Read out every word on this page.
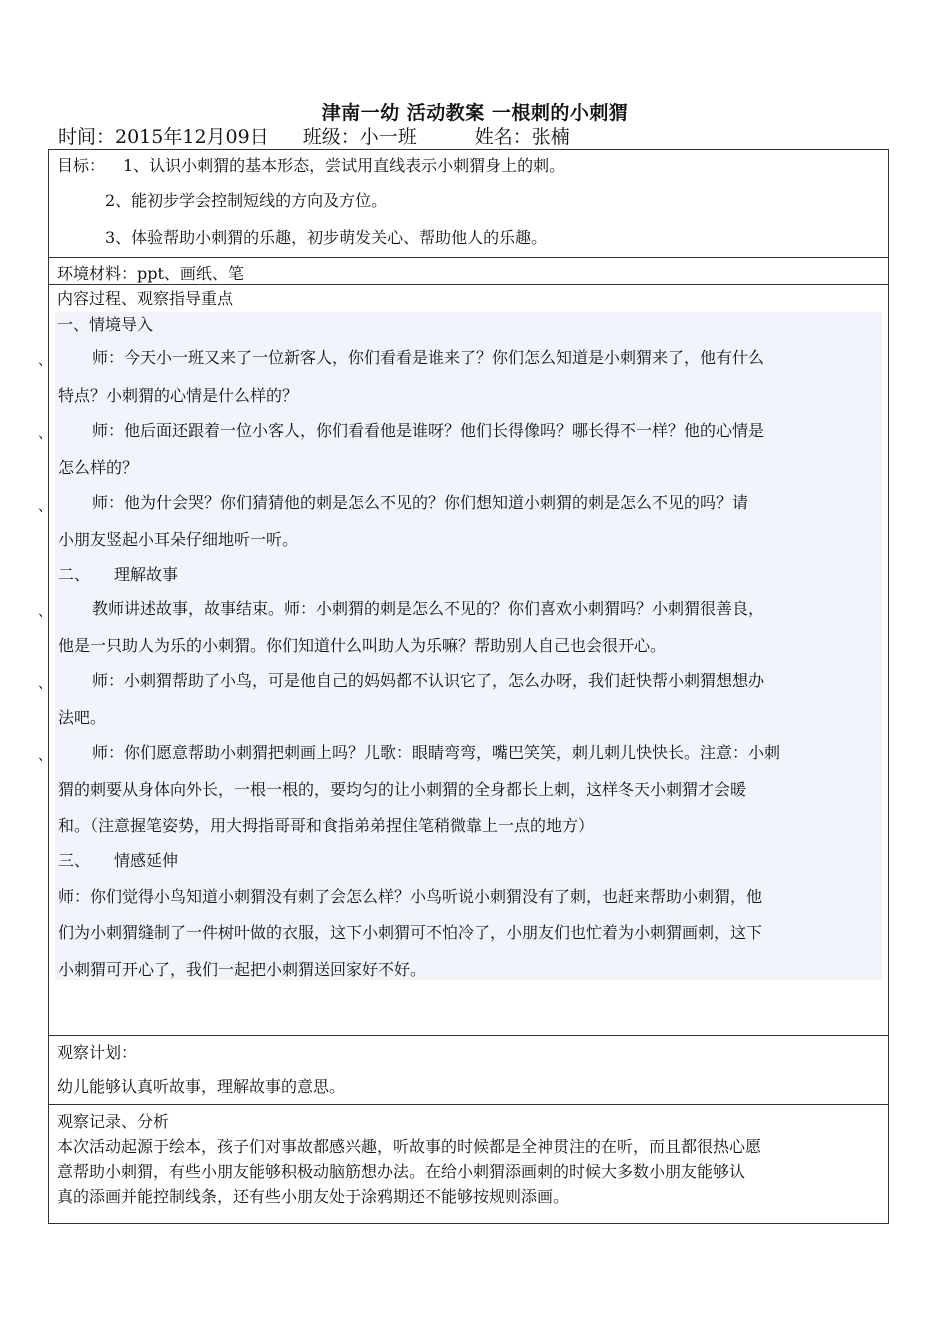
津南一幼 活动教案 一根刺的小刺猬
时间：2015年12月09日 班级：小一班	姓名：张楠
目标： 1、认识小刺猬的基本形态，尝试用直线表示小刺猬身上的刺。
2、能初步学会控制短线的方向及方位。
3、体验帮助小刺猬的乐趣，初步萌发关心、帮助他人的乐趣。
环境材料：ppt、画纸、笔
内容过程、观察指导重点
一、情境导入
、	师：今天小一班又来了一位新客人，你们看看是谁来了？你们怎么知道是小刺猬来了，他有什么
特点？小刺猬的心情是什么样的？
、	师：他后面还跟着一位小客人，你们看看他是谁呀？他们长得像吗？哪长得不一样？他的心情是
怎么样的？
、	师：他为什会哭？你们猜猜他的刺是怎么不见的？你们想知道小刺猬的刺是怎么不见的吗？请
小朋友竖起小耳朵仔细地听一听。
二、　　理解故事
、	教师讲述故事，故事结束。师：小刺猬的刺是怎么不见的？你们喜欢小刺猬吗？小刺猬很善良，
他是一只助人为乐的小刺猬。你们知道什么叫助人为乐嘛？帮助别人自己也会很开心。
、	师：小刺猬帮助了小鸟，可是他自己的妈妈都不认识它了，怎么办呀，我们赶快帮小刺猬想想办
法吧。
、	师：你们愿意帮助小刺猬把刺画上吗？儿歌：眼睛弯弯，嘴巴笑笑，刺儿刺儿快快长。注意：小刺
猬的刺要从身体向外长，一根一根的，要均匀的让小刺猬的全身都长上刺，这样冬天小刺猬才会暖
和。（注意握笔姿势，用大拇指哥哥和食指弟弟捏住笔稍微靠上一点的地方）
三、　　情感延伸
师：你们觉得小鸟知道小刺猬没有刺了会怎么样？小鸟听说小刺猬没有了刺，也赶来帮助小刺猬，他
们为小刺猬缝制了一件树叶做的衣服，这下小刺猬可不怕冷了，小朋友们也忙着为小刺猬画刺，这下
小刺猬可开心了，我们一起把小刺猬送回家好不好。
观察计划：
幼儿能够认真听故事，理解故事的意思。
观察记录、分析
本次活动起源于绘本，孩子们对事故都感兴趣，听故事的时候都是全神贯注的在听，而且都很热心愿
意帮助小刺猬，有些小朋友能够积极动脑筋想办法。在给小刺猬添画刺的时候大多数小朋友能够认
真的添画并能控制线条，还有些小朋友处于涂鸦期还不能够按规则添画。
